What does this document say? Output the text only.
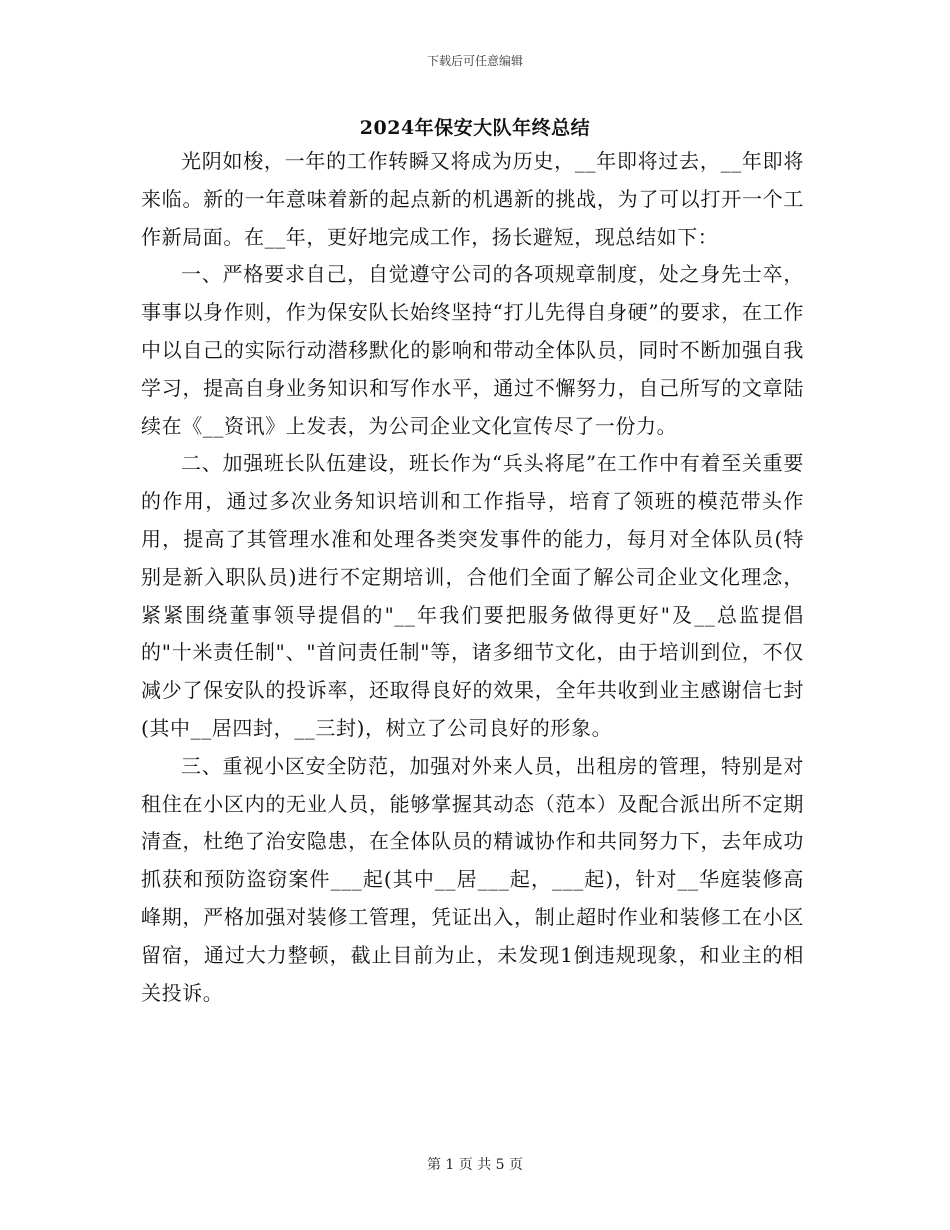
下载后可任意编辑
2024年保安大队年终总结

光阴如梭，一年的工作转瞬又将成为历史，__年即将过去，__年即将来临。新的一年意味着新的起点新的机遇新的挑战，为了可以打开一个工作新局面。在__年，更好地完成工作，扬长避短，现总结如下：

一、严格要求自己，自觉遵守公司的各项规章制度，处之身先士卒，事事以身作则，作为保安队长始终坚持“打儿先得自身硬”的要求，在工作中以自己的实际行动潜移默化的影响和带动全体队员，同时不断加强自我学习，提高自身业务知识和写作水平，通过不懈努力，自己所写的文章陆续在《__资讯》上发表，为公司企业文化宣传尽了一份力。

二、加强班长队伍建设，班长作为“兵头将尾”在工作中有着至关重要的作用，通过多次业务知识培训和工作指导，培育了领班的模范带头作用，提高了其管理水准和处理各类突发事件的能力，每月对全体队员(特别是新入职队员)进行不定期培训，合他们全面了解公司企业文化理念，紧紧围绕董事领导提倡的"__年我们要把服务做得更好"及__总监提倡的"十米责任制"、"首问责任制"等，诸多细节文化，由于培训到位，不仅减少了保安队的投诉率，还取得良好的效果，全年共收到业主感谢信七封(其中__居四封，__三封)，树立了公司良好的形象。

三、重视小区安全防范，加强对外来人员，出租房的管理，特别是对租住在小区内的无业人员，能够掌握其动态（范本）及配合派出所不定期清查，杜绝了治安隐患，在全体队员的精诚协作和共同努力下，去年成功抓获和预防盗窃案件___起(其中__居___起，___起)，针对__华庭装修高峰期，严格加强对装修工管理，凭证出入，制止超时作业和装修工在小区留宿，通过大力整顿，截止目前为止，未发现1倒违规现象，和业主的相关投诉。

第 1 页 共 5 页
